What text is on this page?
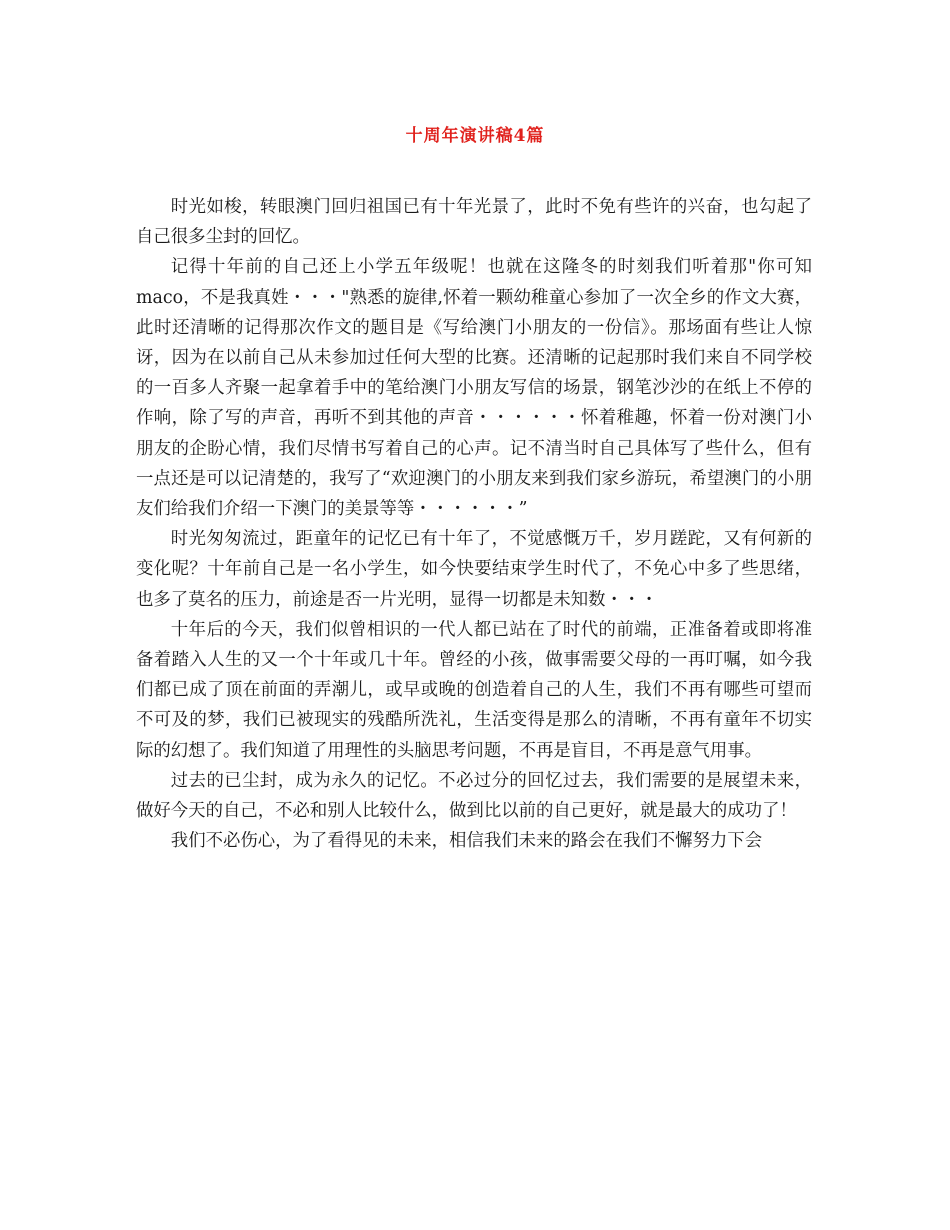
十周年演讲稿4篇

时光如梭，转眼澳门回归祖国已有十年光景了，此时不免有些许的兴奋，也勾起了自己很多尘封的回忆。

记得十年前的自己还上小学五年级呢！也就在这隆冬的时刻我们听着那"你可知maco，不是我真姓・・・"熟悉的旋律,怀着一颗幼稚童心参加了一次全乡的作文大赛，此时还清晰的记得那次作文的题目是《写给澳门小朋友的一份信》。那场面有些让人惊讶，因为在以前自己从未参加过任何大型的比赛。还清晰的记起那时我们来自不同学校的一百多人齐聚一起拿着手中的笔给澳门小朋友写信的场景，钢笔沙沙的在纸上不停的作响，除了写的声音，再听不到其他的声音・・・・・・怀着稚趣，怀着一份对澳门小朋友的企盼心情，我们尽情书写着自己的心声。记不清当时自己具体写了些什么，但有一点还是可以记清楚的，我写了“欢迎澳门的小朋友来到我们家乡游玩，希望澳门的小朋友们给我们介绍一下澳门的美景等等・・・・・・”

时光匆匆流过，距童年的记忆已有十年了，不觉感慨万千，岁月蹉跎，又有何新的变化呢？十年前自己是一名小学生，如今快要结束学生时代了，不免心中多了些思绪，也多了莫名的压力，前途是否一片光明，显得一切都是未知数・・・

十年后的今天，我们似曾相识的一代人都已站在了时代的前端，正准备着或即将准备着踏入人生的又一个十年或几十年。曾经的小孩，做事需要父母的一再叮嘱，如今我们都已成了顶在前面的弄潮儿，或早或晚的创造着自己的人生，我们不再有哪些可望而不可及的梦，我们已被现实的残酷所洗礼，生活变得是那么的清晰，不再有童年不切实际的幻想了。我们知道了用理性的头脑思考问题，不再是盲目，不再是意气用事。

过去的已尘封，成为永久的记忆。不必过分的回忆过去，我们需要的是展望未来，做好今天的自己，不必和别人比较什么，做到比以前的自己更好，就是最大的成功了！

我们不必伤心，为了看得见的未来，相信我们未来的路会在我们不懈努力下会
